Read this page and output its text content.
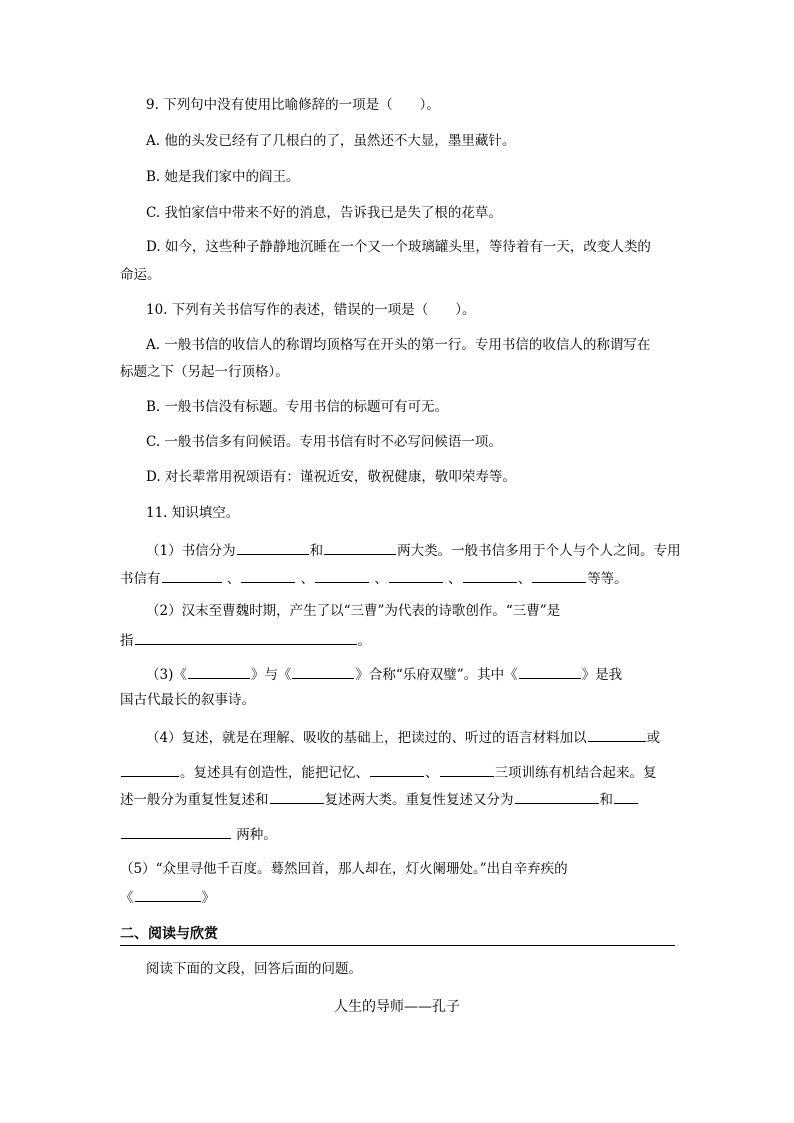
9. 下列句中没有使用比喻修辞的一项是（　　）。
A. 他的头发已经有了几根白的了，虽然还不大显，墨里藏针。
B. 她是我们家中的阎王。
C. 我怕家信中带来不好的消息，告诉我已是失了根的花草。
D. 如今，这些种子静静地沉睡在一个又一个玻璃罐头里，等待着有一天，改变人类的
命运。
10. 下列有关书信写作的表述，错误的一项是（　　）。
A. 一般书信的收信人的称谓均顶格写在开头的第一行。专用书信的收信人的称谓写在
标题之下（另起一行顶格）。
B. 一般书信没有标题。专用书信的标题可有可无。
C. 一般书信多有问候语。专用书信有时不必写问候语一项。
D. 对长辈常用祝颂语有：谨祝近安，敬祝健康，敬叩荣寿等。
11. 知识填空。
（1）书信分为	和	两大类。一般书信多用于个人与个人之间。专用
书信有	、	、	、	、	、	等等。
（2）汉末至曹魏时期，产生了以“三曹”为代表的诗歌创作。“三曹”是
指	。
（3)《	》与《	》合称“乐府双璧”。其中《	》是我
国古代最长的叙事诗。
（4）复述，就是在理解、吸收的基础上，把读过的、听过的语言材料加以	或
。复述具有创造性，能把记忆、	、	三项训练有机结合起来。复
述一般分为重复性复述和	复述两大类。重复性复述又分为	和
两种。
（5）“众里寻他千百度。蓦然回首，那人却在，灯火阑珊处。”出自辛弃疾的
《	》
二、阅读与欣赏
阅读下面的文段，回答后面的问题。
人生的导师——孔子
